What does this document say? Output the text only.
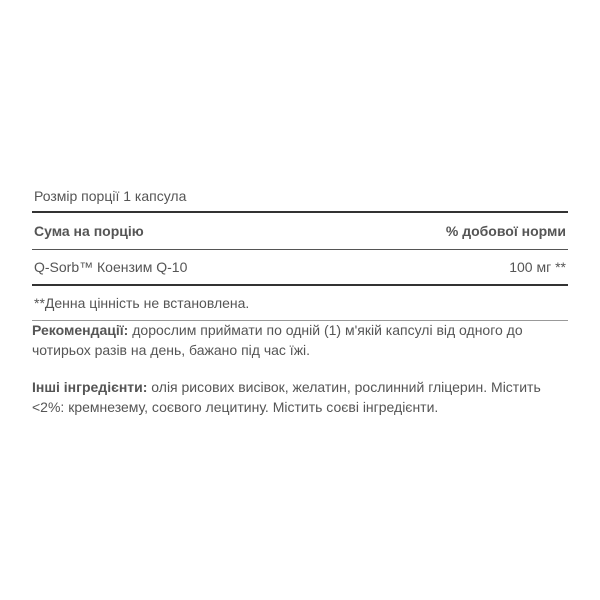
Розмір порції 1 капсула
Сума на порцію	% добової норми
Q-Sorb™ Коензим Q-10	100 мг **
**Денна цінність не встановлена.
Рекомендації: дорослим приймати по одній (1) м'якій капсулі від одного до чотирьох разів на день, бажано під час їжі.
Інші інгредієнти: олія рисових висівок, желатин, рослинний гліцерин. Містить <2%: кремнезему, соєвого лецитину. Містить соєві інгредієнти.
